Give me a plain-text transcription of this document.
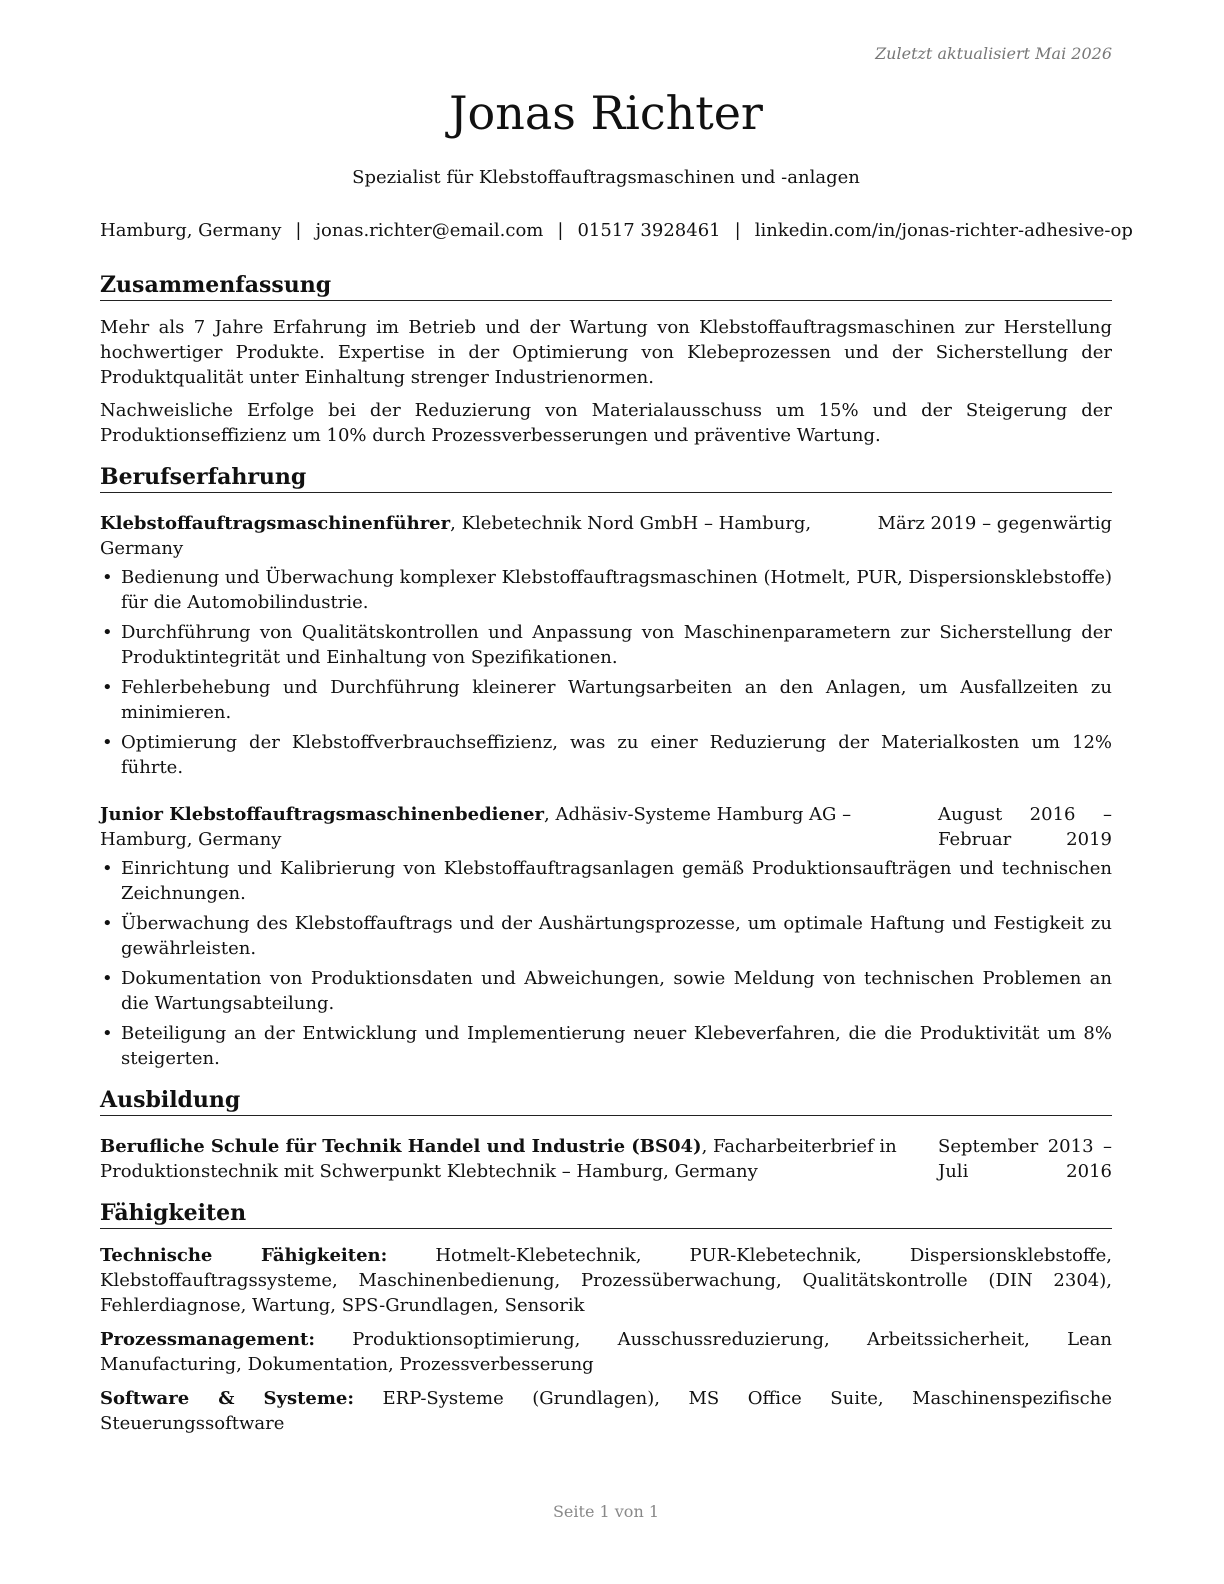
Zuletzt aktualisiert Mai 2026
Jonas Richter
Spezialist für Klebstoffauftragsmaschinen und -anlagen
Hamburg, Germany | jonas.richter@email.com | 01517 3928461 | linkedin.com/in/jonas-richter-adhesive-op
Zusammenfassung

Mehr als 7 Jahre Erfahrung im Betrieb und der Wartung von Klebstoffauftragsmaschinen zur Herstellung hochwertiger Produkte. Expertise in der Optimierung von Klebeprozessen und der Sicherstellung der Produktqualität unter Einhaltung strenger Industrienormen.

Nachweisliche Erfolge bei der Reduzierung von Materialausschuss um 15% und der Steigerung der Produktionseffizienz um 10% durch Prozessverbesserungen und präventive Wartung.

Berufserfahrung
Klebstoffauftragsmaschinenführer, Klebetechnik Nord GmbH – Hamburg, Germany
März 2019 – gegenwärtig
• Bedienung und Überwachung komplexer Klebstoffauftragsmaschinen (Hotmelt, PUR, Dispersionsklebstoffe) für die Automobilindustrie.
• Durchführung von Qualitätskontrollen und Anpassung von Maschinenparametern zur Sicherstellung der Produktintegrität und Einhaltung von Spezifikationen.
• Fehlerbehebung und Durchführung kleinerer Wartungsarbeiten an den Anlagen, um Ausfallzeiten zu minimieren.
• Optimierung der Klebstoffverbrauchseffizienz, was zu einer Reduzierung der Materialkosten um 12% führte.
Junior Klebstoffauftragsmaschinenbediener, Adhäsiv-Systeme Hamburg AG – Hamburg, Germany
August 2016 – Februar 2019
• Einrichtung und Kalibrierung von Klebstoffauftragsanlagen gemäß Produktionsaufträgen und technischen Zeichnungen.
• Überwachung des Klebstoffauftrags und der Aushärtungsprozesse, um optimale Haftung und Festigkeit zu gewährleisten.
• Dokumentation von Produktionsdaten und Abweichungen, sowie Meldung von technischen Problemen an die Wartungsabteilung.
• Beteiligung an der Entwicklung und Implementierung neuer Klebeverfahren, die die Produktivität um 8% steigerten.
Ausbildung
Berufliche Schule für Technik Handel und Industrie (BS04), Facharbeiterbrief in Produktionstechnik mit Schwerpunkt Klebtechnik – Hamburg, Germany
September 2013 – Juli 2016
Fähigkeiten

Technische Fähigkeiten: Hotmelt-Klebetechnik, PUR-Klebetechnik, Dispersionsklebstoffe, Klebstoffauftragssysteme, Maschinenbedienung, Prozessüberwachung, Qualitätskontrolle (DIN 2304), Fehlerdiagnose, Wartung, SPS-Grundlagen, Sensorik

Prozessmanagement: Produktionsoptimierung, Ausschussreduzierung, Arbeitssicherheit, Lean Manufacturing, Dokumentation, Prozessverbesserung

Software & Systeme: ERP-Systeme (Grundlagen), MS Office Suite, Maschinenspezifische Steuerungssoftware

Seite 1 von 1
